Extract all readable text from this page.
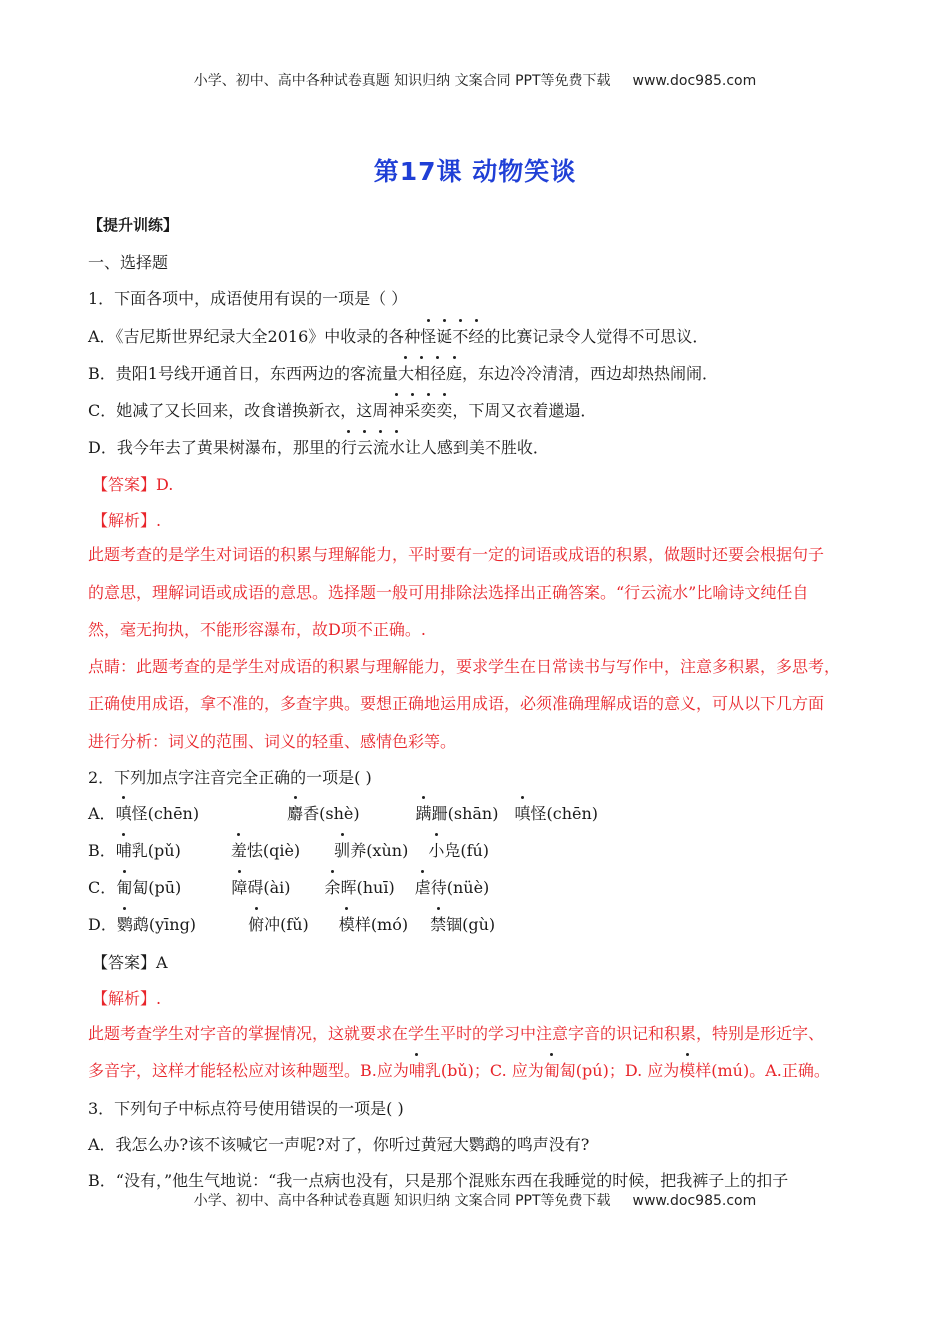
小学、初中、高中各种试卷真题 知识归纳 文案合同 PPT等免费下载 www.doc985.com
第17课 动物笑谈
【提升训练】
一、选择题
1．下面各项中，成语使用有误的一项是（ ）
A．《吉尼斯世界纪录大全2016》中收录的各种怪诞不经的比赛记录令人觉得不可思议．
B．贵阳1号线开通首日，东西两边的客流量大相径庭，东边冷冷清清，西边却热热闹闹．
C．她减了又长回来，改食谱换新衣，这周神采奕奕，下周又衣着邋遢．
D．我今年去了黄果树瀑布，那里的行云流水让人感到美不胜收．
【答案】D.
【解析】.
此题考查的是学生对词语的积累与理解能力，平时要有一定的词语或成语的积累，做题时还要会根据句子
的意思，理解词语或成语的意思。选择题一般可用排除法选择出正确答案。“行云流水”比喻诗文纯任自
然，毫无拘执，不能形容瀑布，故D项不正确。.
点睛：此题考查的是学生对成语的积累与理解能力，要求学生在日常读书与写作中，注意多积累，多思考，
正确使用成语，拿不准的，多查字典。要想正确地运用成语，必须准确理解成语的意义，可从以下几方面
进行分析：词义的范围、词义的轻重、感情色彩等。
2．下列加点字注音完全正确的一项是( )
A．嗔怪(chēn)	麝香(shè)	蹒跚(shān) 嗔怪(chēn)
B．哺乳(pǔ)	羞怯(qiè) 驯养(xùn) 小凫(fú)
C．匍匐(pū)	障碍(ài) 余晖(huī) 虐待(nüè)
D．鹦鹉(yīng)	俯冲(fǔ) 模样(mó) 禁锢(gù)
【答案】A
【解析】.
此题考查学生对字音的掌握情况，这就要求在学生平时的学习中注意字音的识记和积累，特别是形近字、
多音字，这样才能轻松应对该种题型。B.应为哺乳(bǔ)；C. 应为匍匐(pú)；D. 应为模样(mú)。A.正确。
3．下列句子中标点符号使用错误的一项是( )
A．我怎么办?该不该喊它一声呢?对了，你听过黄冠大鹦鹉的鸣声没有?
B．“没有，”他生气地说：“我一点病也没有，只是那个混账东西在我睡觉的时候，把我裤子上的扣子
小学、初中、高中各种试卷真题 知识归纳 文案合同 PPT等免费下载 www.doc985.com
